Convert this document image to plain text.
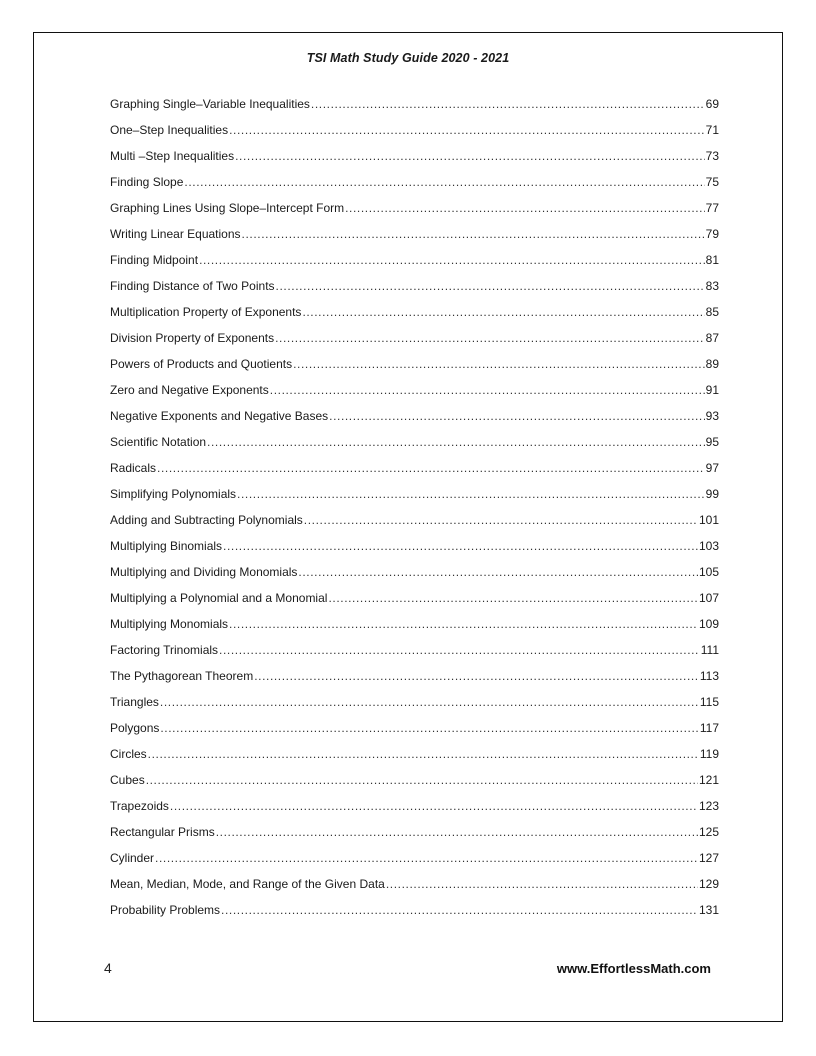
TSI Math Study Guide 2020 - 2021
Graphing Single–Variable Inequalities .....	69
One–Step Inequalities .....	71
Multi –Step Inequalities .....	73
Finding Slope .....	75
Graphing Lines Using Slope–Intercept Form .....	77
Writing Linear Equations .....	79
Finding Midpoint .....	81
Finding Distance of Two Points .....	83
Multiplication Property of Exponents .....	85
Division Property of Exponents .....	87
Powers of Products and Quotients .....	89
Zero and Negative Exponents .....	91
Negative Exponents and Negative Bases .....	93
Scientific Notation .....	95
Radicals .....	97
Simplifying Polynomials .....	99
Adding and Subtracting Polynomials .....	101
Multiplying Binomials .....	103
Multiplying and Dividing Monomials .....	105
Multiplying a Polynomial and a Monomial .....	107
Multiplying Monomials .....	109
Factoring Trinomials .....	111
The Pythagorean Theorem .....	113
Triangles .....	115
Polygons .....	117
Circles .....	119
Cubes .....	121
Trapezoids .....	123
Rectangular Prisms .....	125
Cylinder .....	127
Mean, Median, Mode, and Range of the Given Data .....	129
Probability Problems .....	131
4	www.EffortlessMath.com
